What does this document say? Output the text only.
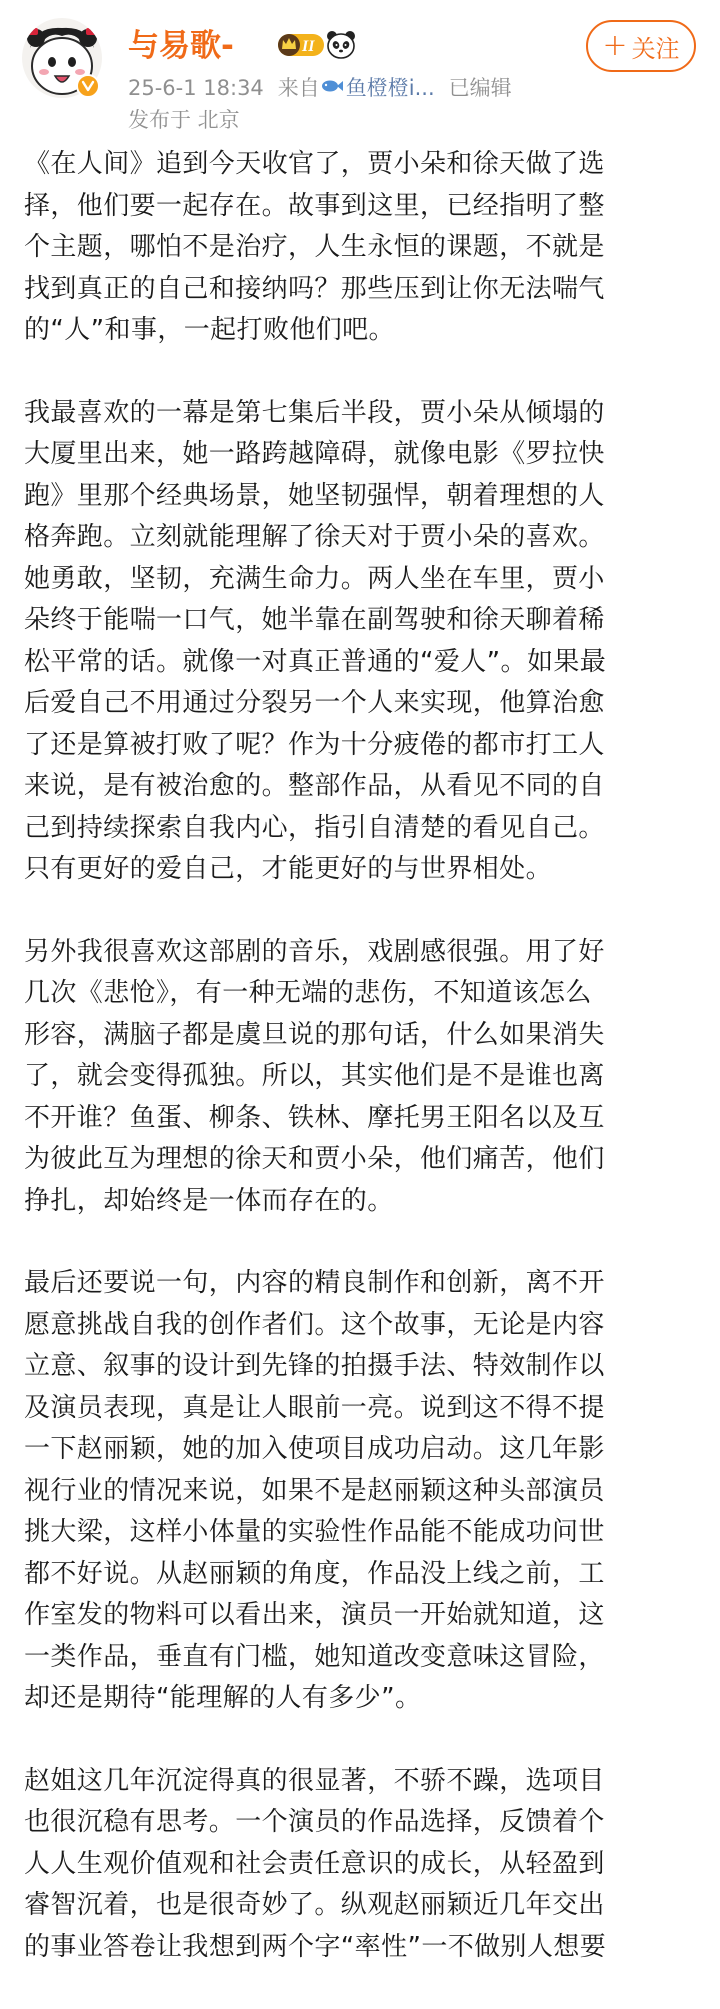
与易歌-	II
25-6-1 18:34 来自 鱼橙橙i... 已编辑
发布于 北京
+ 关注

《在人间》追到今天收官了，贾小朵和徐天做了选
择，他们要一起存在。故事到这里，已经指明了整
个主题，哪怕不是治疗，人生永恒的课题，不就是
找到真正的自己和接纳吗？那些压到让你无法喘气
的“人”和事，一起打败他们吧。

我最喜欢的一幕是第七集后半段，贾小朵从倾塌的
大厦里出来，她一路跨越障碍，就像电影《罗拉快
跑》里那个经典场景，她坚韧强悍，朝着理想的人
格奔跑。立刻就能理解了徐天对于贾小朵的喜欢。
她勇敢，坚韧，充满生命力。两人坐在车里，贾小
朵终于能喘一口气，她半靠在副驾驶和徐天聊着稀
松平常的话。就像一对真正普通的“爱人”。如果最
后爱自己不用通过分裂另一个人来实现，他算治愈
了还是算被打败了呢？作为十分疲倦的都市打工人
来说，是有被治愈的。整部作品，从看见不同的自
己到持续探索自我内心，指引自清楚的看见自己。
只有更好的爱自己，才能更好的与世界相处。

另外我很喜欢这部剧的音乐，戏剧感很强。用了好
几次《悲怆》，有一种无端的悲伤，不知道该怎么
形容，满脑子都是虞旦说的那句话，什么如果消失
了，就会变得孤独。所以，其实他们是不是谁也离
不开谁？鱼蛋、柳条、铁林、摩托男王阳名以及互
为彼此互为理想的徐天和贾小朵，他们痛苦，他们
挣扎，却始终是一体而存在的。

最后还要说一句，内容的精良制作和创新，离不开
愿意挑战自我的创作者们。这个故事，无论是内容
立意、叙事的设计到先锋的拍摄手法、特效制作以
及演员表现，真是让人眼前一亮。说到这不得不提
一下赵丽颖，她的加入使项目成功启动。这几年影
视行业的情况来说，如果不是赵丽颖这种头部演员
挑大梁，这样小体量的实验性作品能不能成功问世
都不好说。从赵丽颖的角度，作品没上线之前，工
作室发的物料可以看出来，演员一开始就知道，这
一类作品，垂直有门槛，她知道改变意味这冒险，
却还是期待“能理解的人有多少”。

赵姐这几年沉淀得真的很显著，不骄不躁，选项目
也很沉稳有思考。一个演员的作品选择，反馈着个
人人生观价值观和社会责任意识的成长，从轻盈到
睿智沉着，也是很奇妙了。纵观赵丽颖近几年交出
的事业答卷让我想到两个字“率性”一不做别人想要
